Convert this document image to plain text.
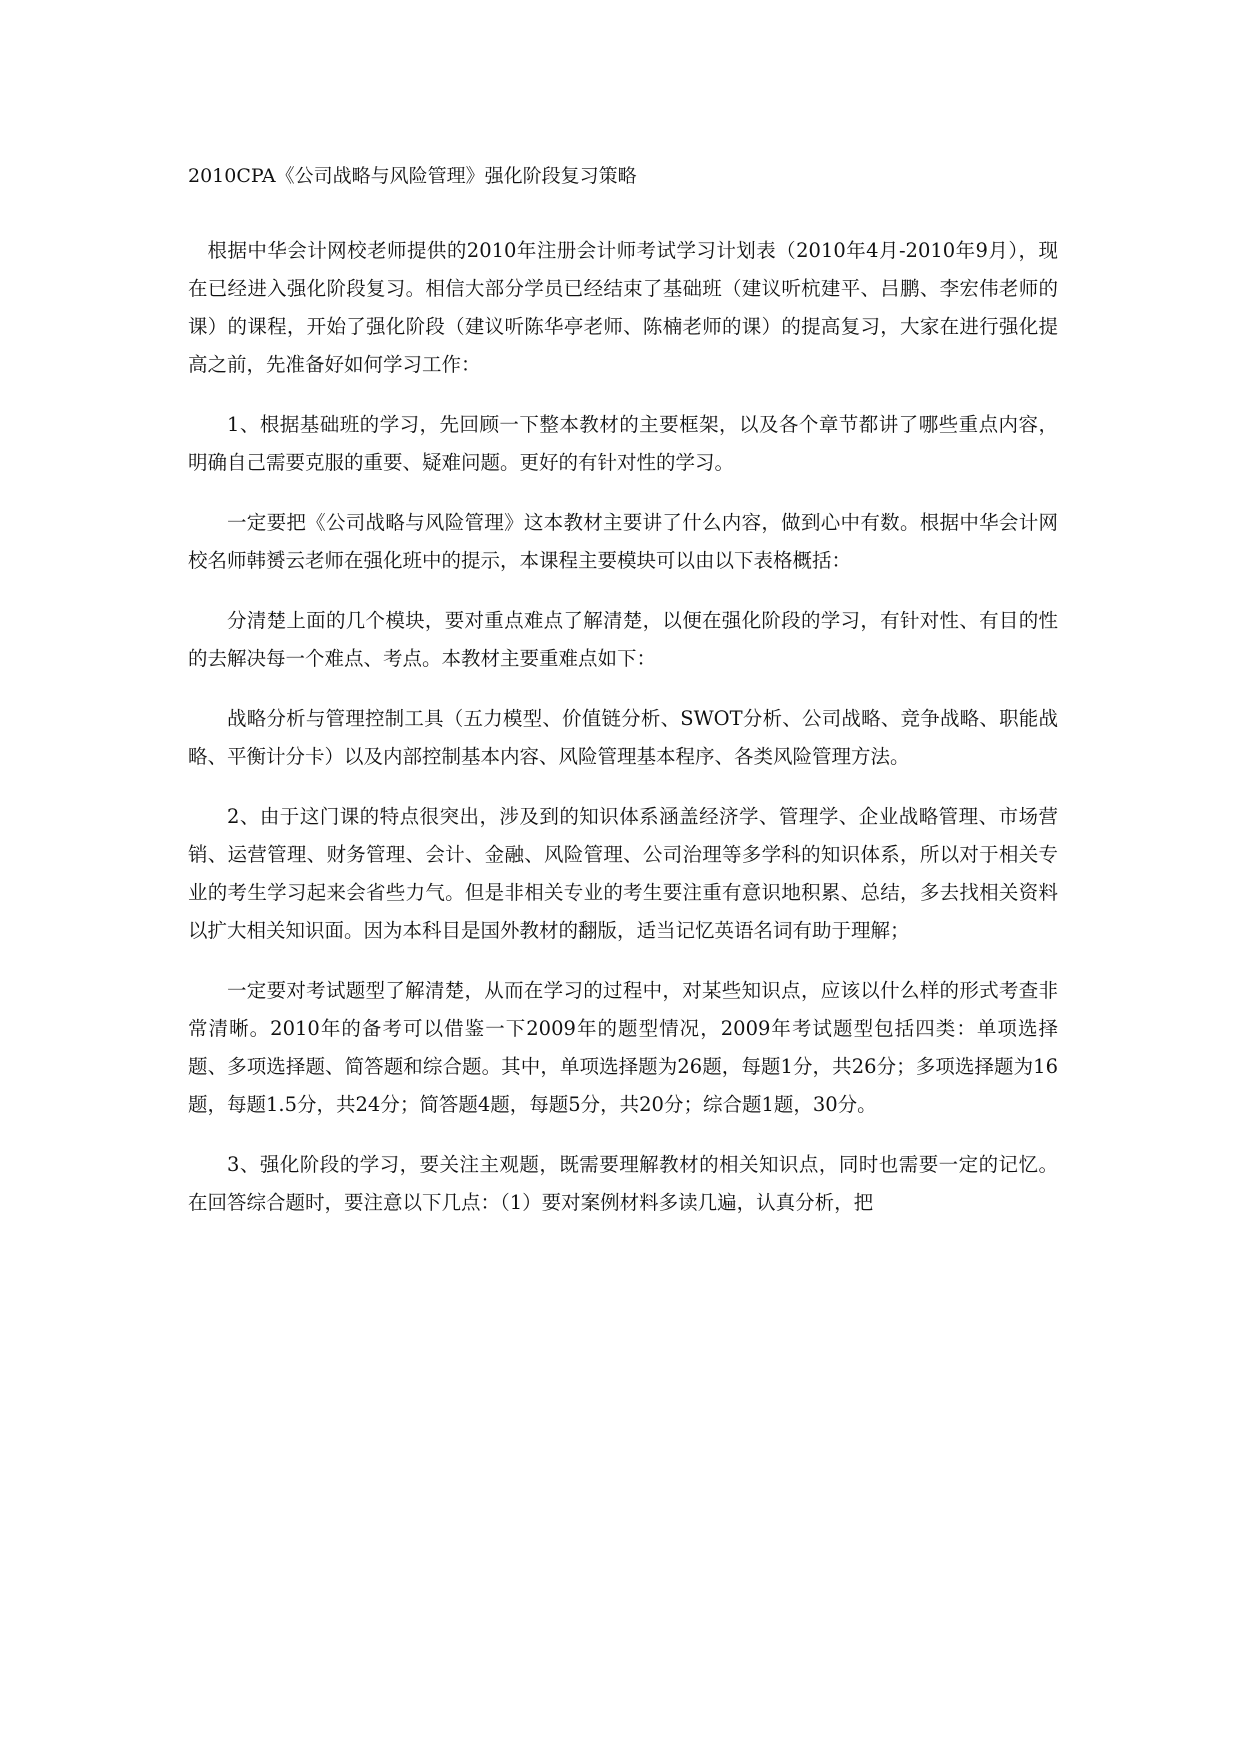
2010CPA《公司战略与风险管理》强化阶段复习策略

根据中华会计网校老师提供的2010年注册会计师考试学习计划表（2010年4月-2010年9月），现在已经进入强化阶段复习。相信大部分学员已经结束了基础班（建议听杭建平、吕鹏、李宏伟老师的课）的课程，开始了强化阶段（建议听陈华亭老师、陈楠老师的课）的提高复习，大家在进行强化提高之前，先准备好如何学习工作：

1、根据基础班的学习，先回顾一下整本教材的主要框架，以及各个章节都讲了哪些重点内容，明确自己需要克服的重要、疑难问题。更好的有针对性的学习。

一定要把《公司战略与风险管理》这本教材主要讲了什么内容，做到心中有数。根据中华会计网校名师韩赟云老师在强化班中的提示，本课程主要模块可以由以下表格概括：

分清楚上面的几个模块，要对重点难点了解清楚，以便在强化阶段的学习，有针对性、有目的性的去解决每一个难点、考点。本教材主要重难点如下：

战略分析与管理控制工具（五力模型、价值链分析、SWOT分析、公司战略、竞争战略、职能战略、平衡计分卡）以及内部控制基本内容、风险管理基本程序、各类风险管理方法。

2、由于这门课的特点很突出，涉及到的知识体系涵盖经济学、管理学、企业战略管理、市场营销、运营管理、财务管理、会计、金融、风险管理、公司治理等多学科的知识体系，所以对于相关专业的考生学习起来会省些力气。但是非相关专业的考生要注重有意识地积累、总结，多去找相关资料以扩大相关知识面。因为本科目是国外教材的翻版，适当记忆英语名词有助于理解；

一定要对考试题型了解清楚，从而在学习的过程中，对某些知识点，应该以什么样的形式考查非常清晰。2010年的备考可以借鉴一下2009年的题型情况，2009年考试题型包括四类：单项选择题、多项选择题、简答题和综合题。其中，单项选择题为26题，每题1分，共26分；多项选择题为16题，每题1.5分，共24分；简答题4题，每题5分，共20分；综合题1题，30分。

3、强化阶段的学习，要关注主观题，既需要理解教材的相关知识点，同时也需要一定的记忆。在回答综合题时，要注意以下几点：（1）要对案例材料多读几遍，认真分析，把
